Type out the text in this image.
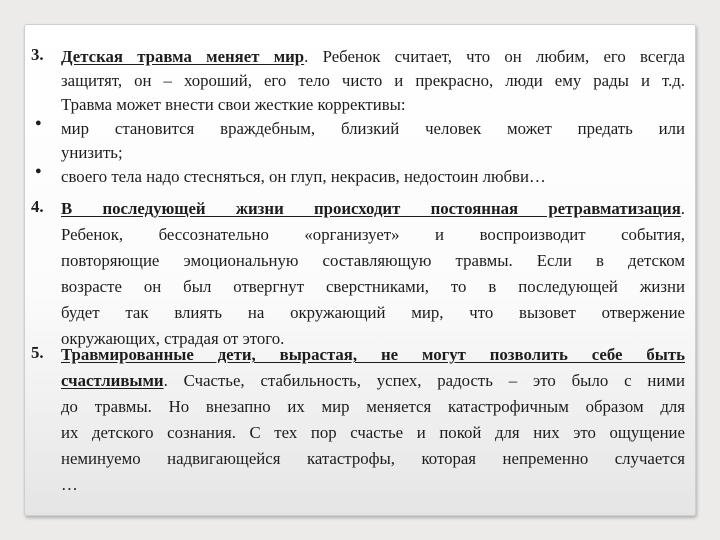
3. Детская травма меняет мир. Ребенок считает, что он любим, его всегда
защитят, он – хороший, его тело чисто и прекрасно, люди ему рады и т.д.
Травма может внести свои жесткие коррективы:
● мир становится враждебным, близкий человек может предать или
унизить;
● своего тела надо стесняться, он глуп, некрасив, недостоин любви…
4. В последующей жизни происходит постоянная ретравматизация.
Ребенок, бессознательно «организует» и воспроизводит события,
повторяющие эмоциональную составляющую травмы. Если в детском
возрасте он был отвергнут сверстниками, то в последующей жизни
будет так влиять на окружающий мир, что вызовет отвержение
окружающих, страдая от этого.
5. Травмированные дети, вырастая, не могут позволить себе быть
счастливыми. Счастье, стабильность, успех, радость – это было с ними
до травмы. Но внезапно их мир меняется катастрофичным образом для
их детского сознания. С тех пор счастье и покой для них это ощущение
неминуемо надвигающейся катастрофы, которая непременно случается
…
